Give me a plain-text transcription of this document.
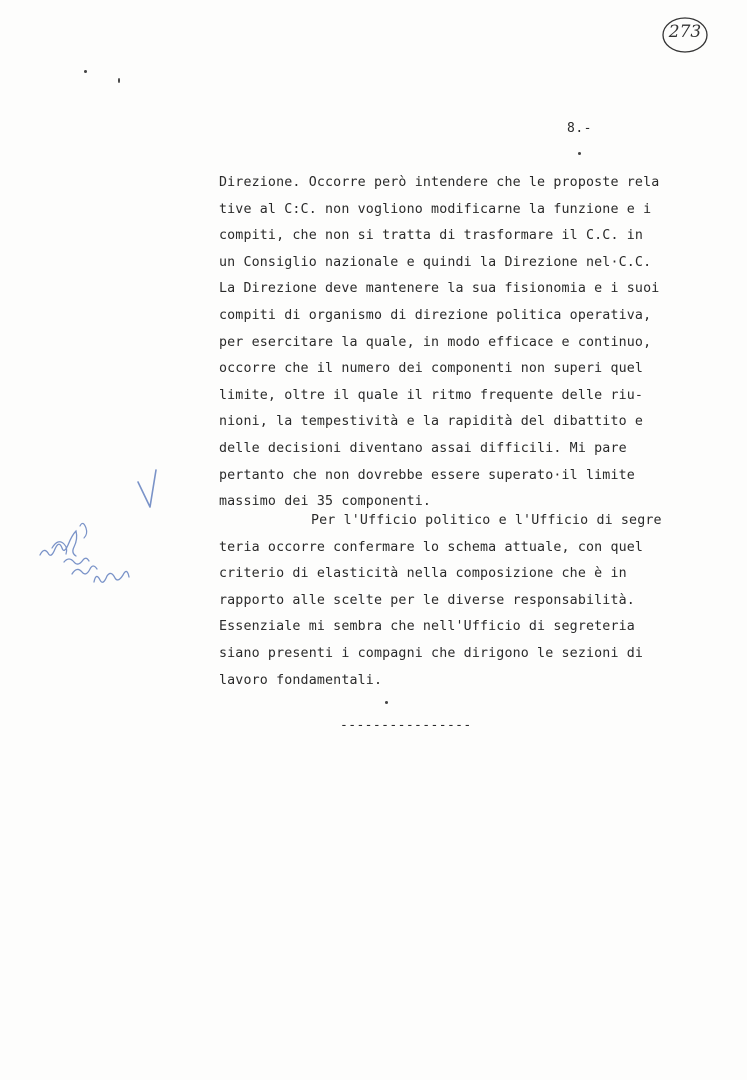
273
8.-
Direzione. Occorre però intendere che le proposte rela
tive al C:C. non vogliono modificarne la funzione e i
compiti, che non si tratta di trasformare il C.C. in
un Consiglio nazionale e quindi la Direzione nel·C.C.
La Direzione deve mantenere la sua fisionomia e i suoi
compiti di organismo di direzione politica operativa,
per esercitare la quale, in modo efficace e continuo,
occorre che il numero dei componenti non superi quel
limite, oltre il quale il ritmo frequente delle riu-
nioni, la tempestività e la rapidità del dibattito e
delle decisioni diventano assai difficili. Mi pare
pertanto che non dovrebbe essere superato·il limite
massimo dei 35 componenti.
Per l'Ufficio politico e l'Ufficio di segre
teria occorre confermare lo schema attuale, con quel
criterio di elasticità nella composizione che è in
rapporto alle scelte per le diverse responsabilità.
Essenziale mi sembra che nell'Ufficio di segreteria
siano presenti i compagni che dirigono le sezioni di
lavoro fondamentali.
----------------
